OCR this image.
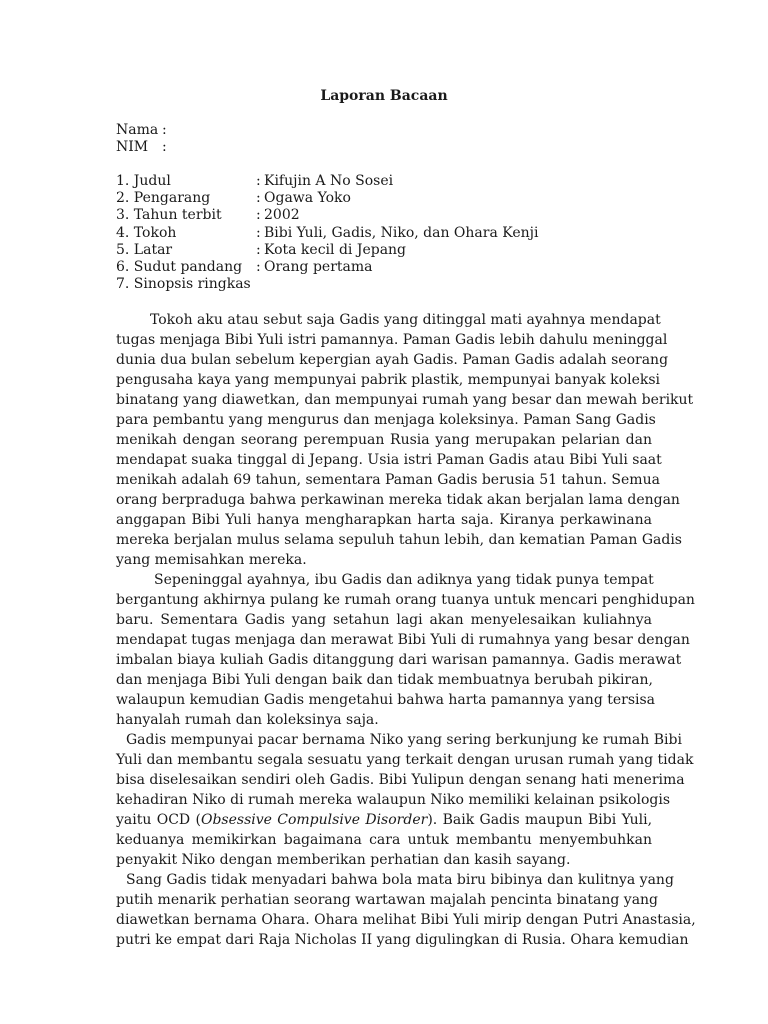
Laporan Bacaan
Nama :
NIM :
1. Judul	: Kifujin A No Sosei
2. Pengarang	: Ogawa Yoko
3. Tahun terbit	: 2002
4. Tokoh	: Bibi Yuli, Gadis, Niko, dan Ohara Kenji
5. Latar	: Kota kecil di Jepang
6. Sudut pandang : Orang pertama
7. Sinopsis ringkas
Tokoh aku atau sebut saja Gadis yang ditinggal mati ayahnya mendapat
tugas menjaga Bibi Yuli istri pamannya. Paman Gadis lebih dahulu meninggal
dunia dua bulan sebelum kepergian ayah Gadis. Paman Gadis adalah seorang
pengusaha kaya yang mempunyai pabrik plastik, mempunyai banyak koleksi
binatang yang diawetkan, dan mempunyai rumah yang besar dan mewah berikut
para pembantu yang mengurus dan menjaga koleksinya. Paman Sang Gadis
menikah dengan seorang perempuan Rusia yang merupakan pelarian dan
mendapat suaka tinggal di Jepang. Usia istri Paman Gadis atau Bibi Yuli saat
menikah adalah 69 tahun, sementara Paman Gadis berusia 51 tahun. Semua
orang berpraduga bahwa perkawinan mereka tidak akan berjalan lama dengan
anggapan Bibi Yuli hanya mengharapkan harta saja. Kiranya perkawinana
mereka berjalan mulus selama sepuluh tahun lebih, dan kematian Paman Gadis
yang memisahkan mereka.
Sepeninggal ayahnya, ibu Gadis dan adiknya yang tidak punya tempat
bergantung akhirnya pulang ke rumah orang tuanya untuk mencari penghidupan
baru. Sementara Gadis yang setahun lagi akan menyelesaikan kuliahnya
mendapat tugas menjaga dan merawat Bibi Yuli di rumahnya yang besar dengan
imbalan biaya kuliah Gadis ditanggung dari warisan pamannya. Gadis merawat
dan menjaga Bibi Yuli dengan baik dan tidak membuatnya berubah pikiran,
walaupun kemudian Gadis mengetahui bahwa harta pamannya yang tersisa
hanyalah rumah dan koleksinya saja.
Gadis mempunyai pacar bernama Niko yang sering berkunjung ke rumah Bibi
Yuli dan membantu segala sesuatu yang terkait dengan urusan rumah yang tidak
bisa diselesaikan sendiri oleh Gadis. Bibi Yulipun dengan senang hati menerima
kehadiran Niko di rumah mereka walaupun Niko memiliki kelainan psikologis
yaitu OCD (Obsessive Compulsive Disorder). Baik Gadis maupun Bibi Yuli,
keduanya memikirkan bagaimana cara untuk membantu menyembuhkan
penyakit Niko dengan memberikan perhatian dan kasih sayang.
Sang Gadis tidak menyadari bahwa bola mata biru bibinya dan kulitnya yang
putih menarik perhatian seorang wartawan majalah pencinta binatang yang
diawetkan bernama Ohara. Ohara melihat Bibi Yuli mirip dengan Putri Anastasia,
putri ke empat dari Raja Nicholas II yang digulingkan di Rusia. Ohara kemudian
